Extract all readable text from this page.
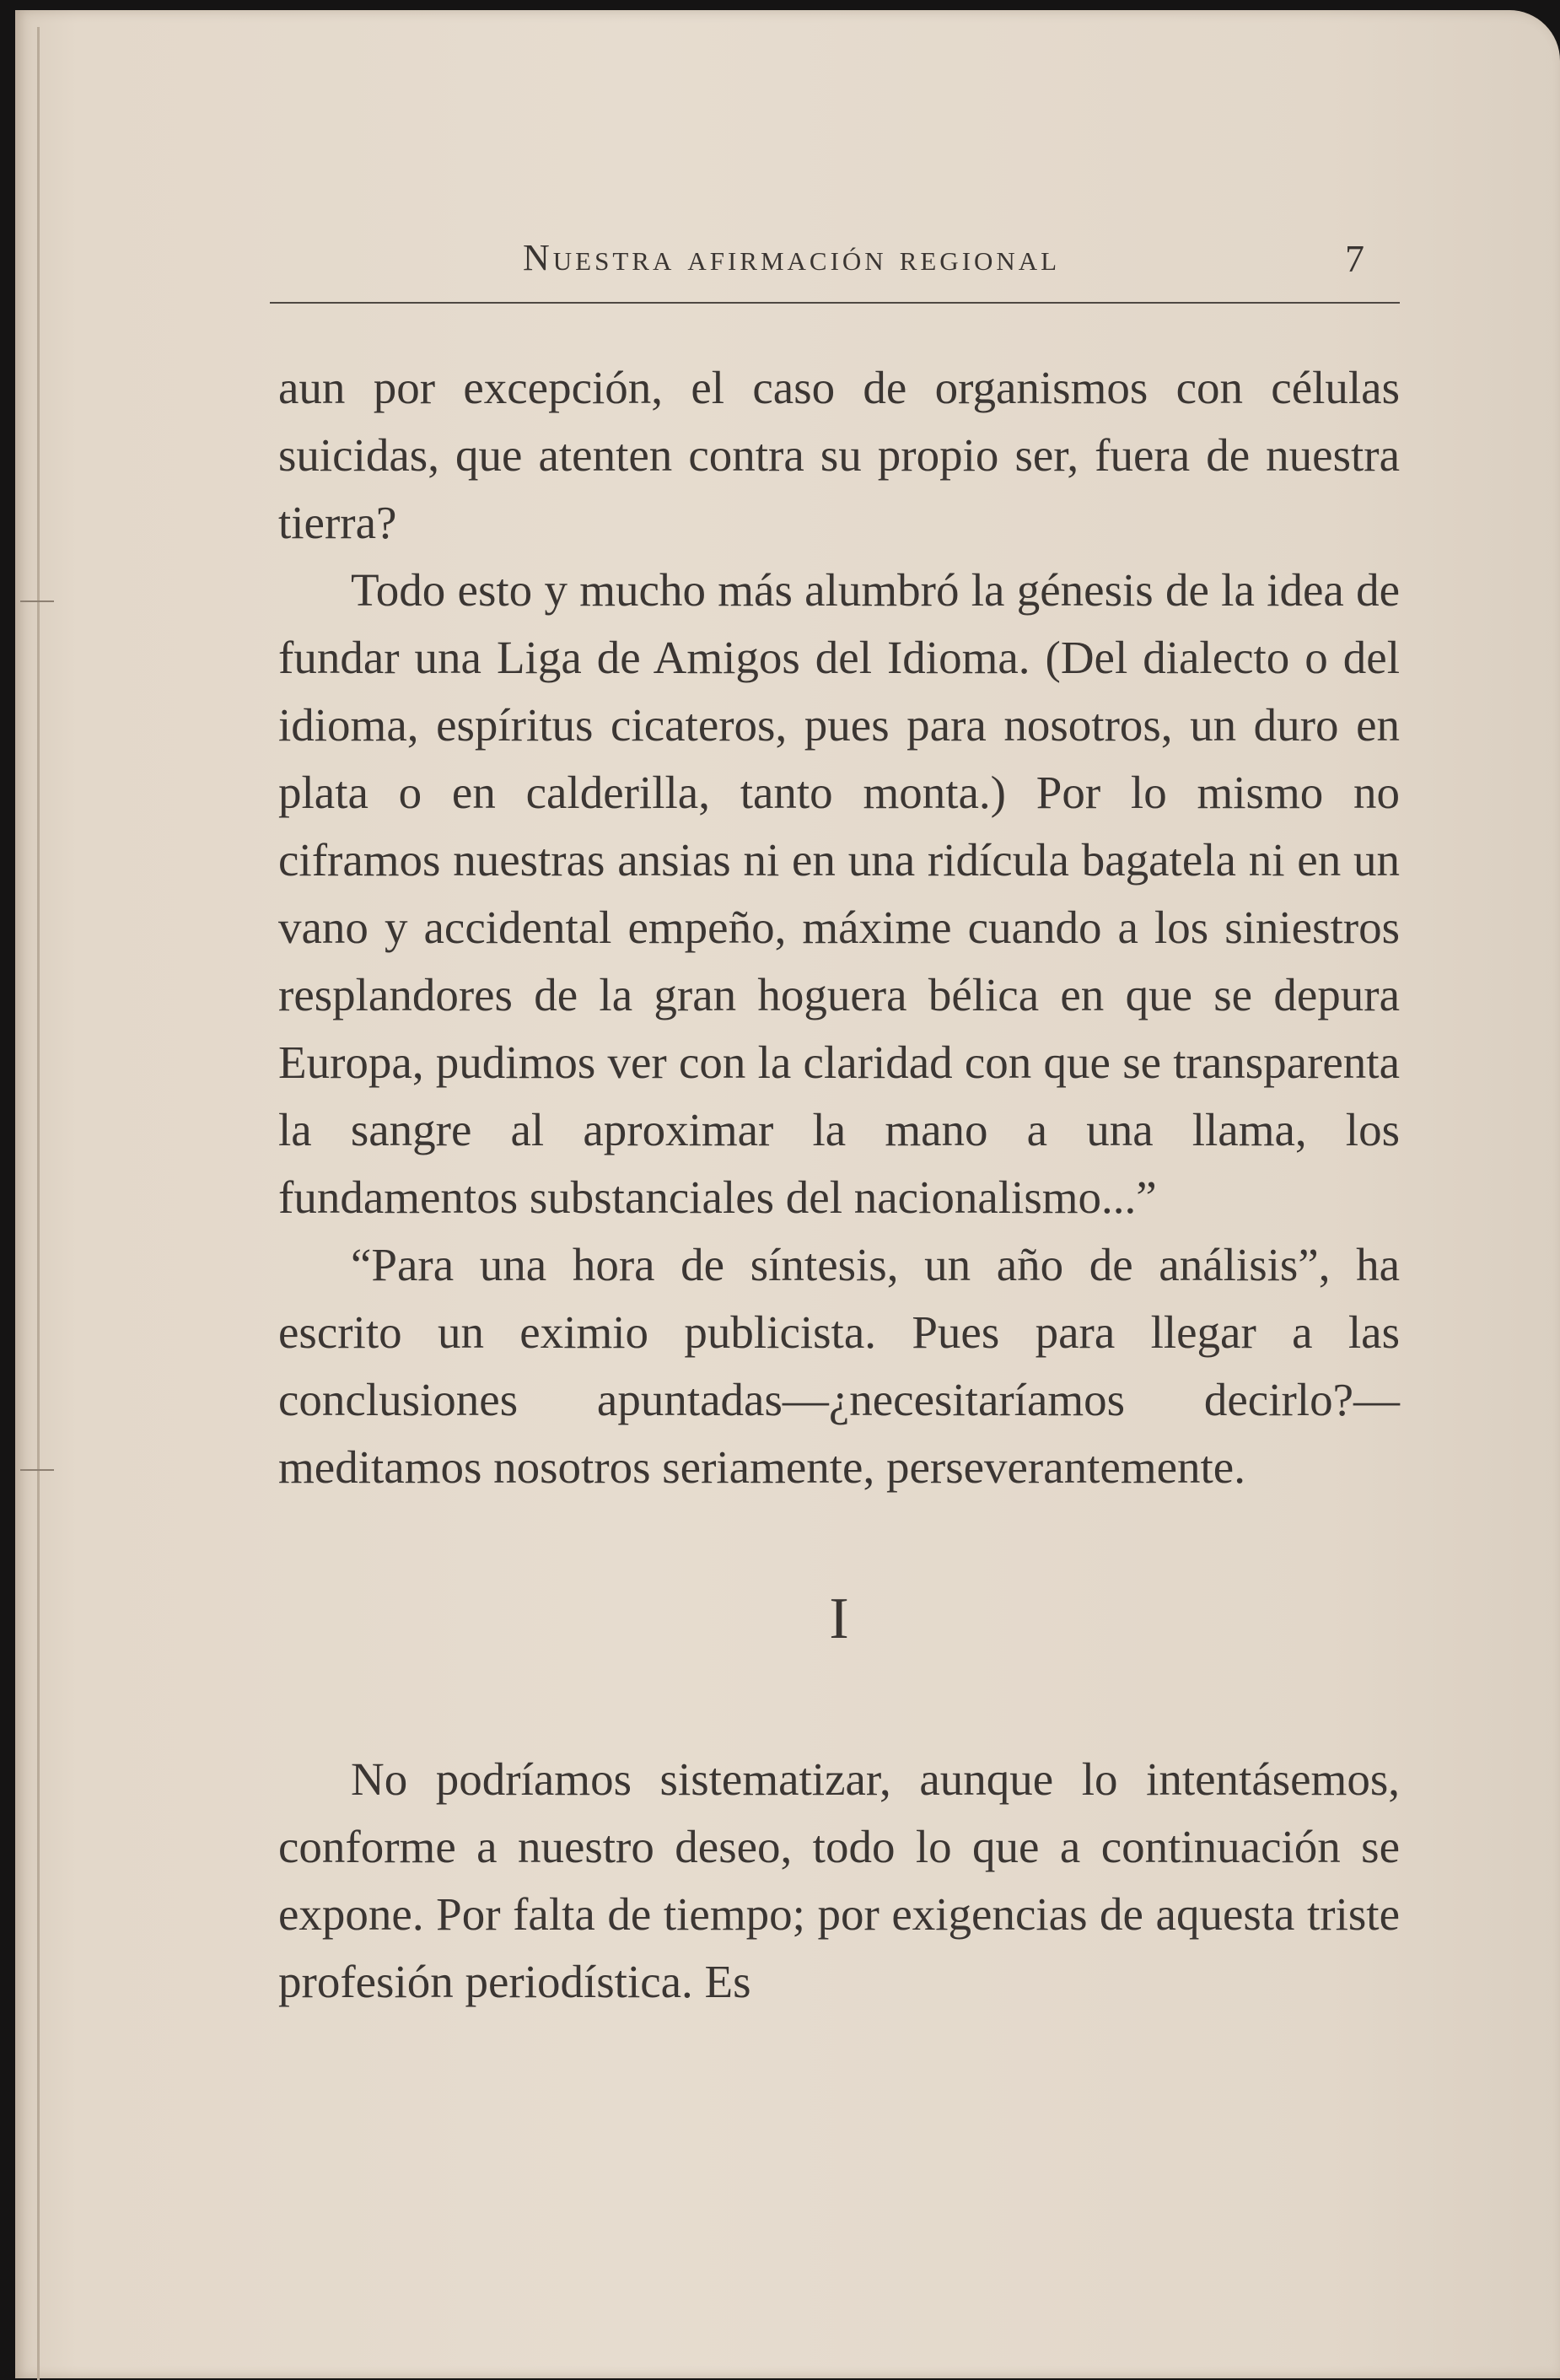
Nuestra afirmación regional	7

aun por excepción, el caso de organismos con células suicidas, que atenten contra su propio ser, fuera de nuestra tierra?

Todo esto y mucho más alumbró la génesis de la idea de fundar una Liga de Amigos del Idioma. (Del dialecto o del idioma, espíritus cicateros, pues para nosotros, un duro en plata o en calderilla, tanto monta.) Por lo mismo no ciframos nuestras ansias ni en una ridícula bagatela ni en un vano y accidental empeño, máxime cuando a los siniestros resplandores de la gran hoguera bélica en que se depura Europa, pudimos ver con la claridad con que se transparenta la sangre al aproximar la mano a una llama, los fundamentos substanciales del nacionalismo...”

“Para una hora de síntesis, un año de análisis”, ha escrito un eximio publicista. Pues para llegar a las conclusiones apuntadas—¿necesitaríamos decirlo?—meditamos nosotros seriamente, perseverantemente.

I

No podríamos sistematizar, aunque lo intentásemos, conforme a nuestro deseo, todo lo que a continuación se expone. Por falta de tiempo; por exigencias de aquesta triste profesión periodística. Es
